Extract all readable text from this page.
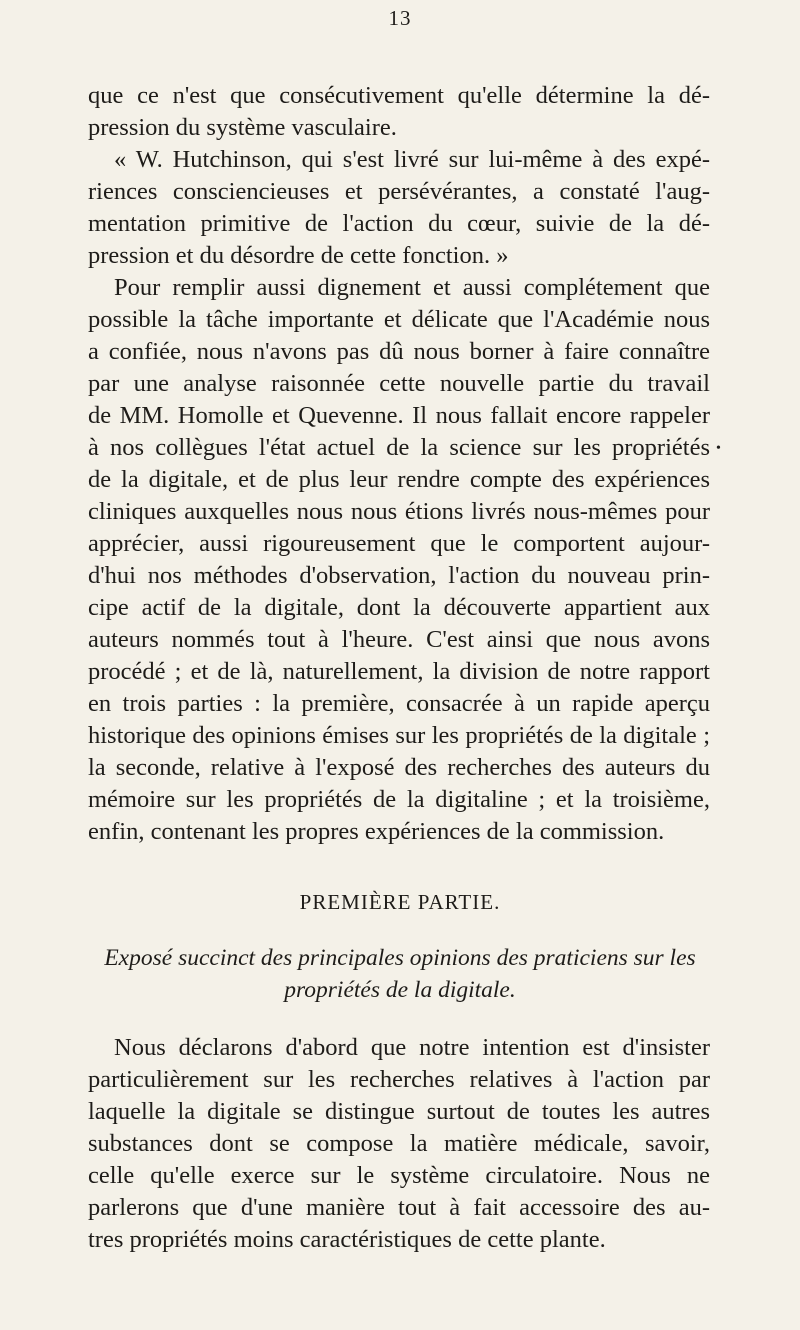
13
que ce n'est que consécutivement qu'elle détermine la dé-
pression du système vasculaire.
« W. Hutchinson, qui s'est livré sur lui-même à des expé-
riences consciencieuses et persévérantes, a constaté l'aug-
mentation primitive de l'action du cœur, suivie de la dé-
pression et du désordre de cette fonction. »
Pour remplir aussi dignement et aussi complétement que
possible la tâche importante et délicate que l'Académie nous
a confiée, nous n'avons pas dû nous borner à faire connaître
par une analyse raisonnée cette nouvelle partie du travail
de MM. Homolle et Quevenne. Il nous fallait encore rappeler
à nos collègues l'état actuel de la science sur les propriétés •
de la digitale, et de plus leur rendre compte des expériences
cliniques auxquelles nous nous étions livrés nous-mêmes pour
apprécier, aussi rigoureusement que le comportent aujour-
d'hui nos méthodes d'observation, l'action du nouveau prin-
cipe actif de la digitale, dont la découverte appartient aux
auteurs nommés tout à l'heure. C'est ainsi que nous avons
procédé ; et de là, naturellement, la division de notre rapport
en trois parties : la première, consacrée à un rapide aperçu
historique des opinions émises sur les propriétés de la digitale ;
la seconde, relative à l'exposé des recherches des auteurs du
mémoire sur les propriétés de la digitaline ; et la troisième,
enfin, contenant les propres expériences de la commission.
PREMIÈRE PARTIE.
Exposé succinct des principales opinions des praticiens sur les
propriétés de la digitale.
Nous déclarons d'abord que notre intention est d'insister
particulièrement sur les recherches relatives à l'action par
laquelle la digitale se distingue surtout de toutes les autres
substances dont se compose la matière médicale, savoir,
celle qu'elle exerce sur le système circulatoire. Nous ne
parlerons que d'une manière tout à fait accessoire des au-
tres propriétés moins caractéristiques de cette plante.
